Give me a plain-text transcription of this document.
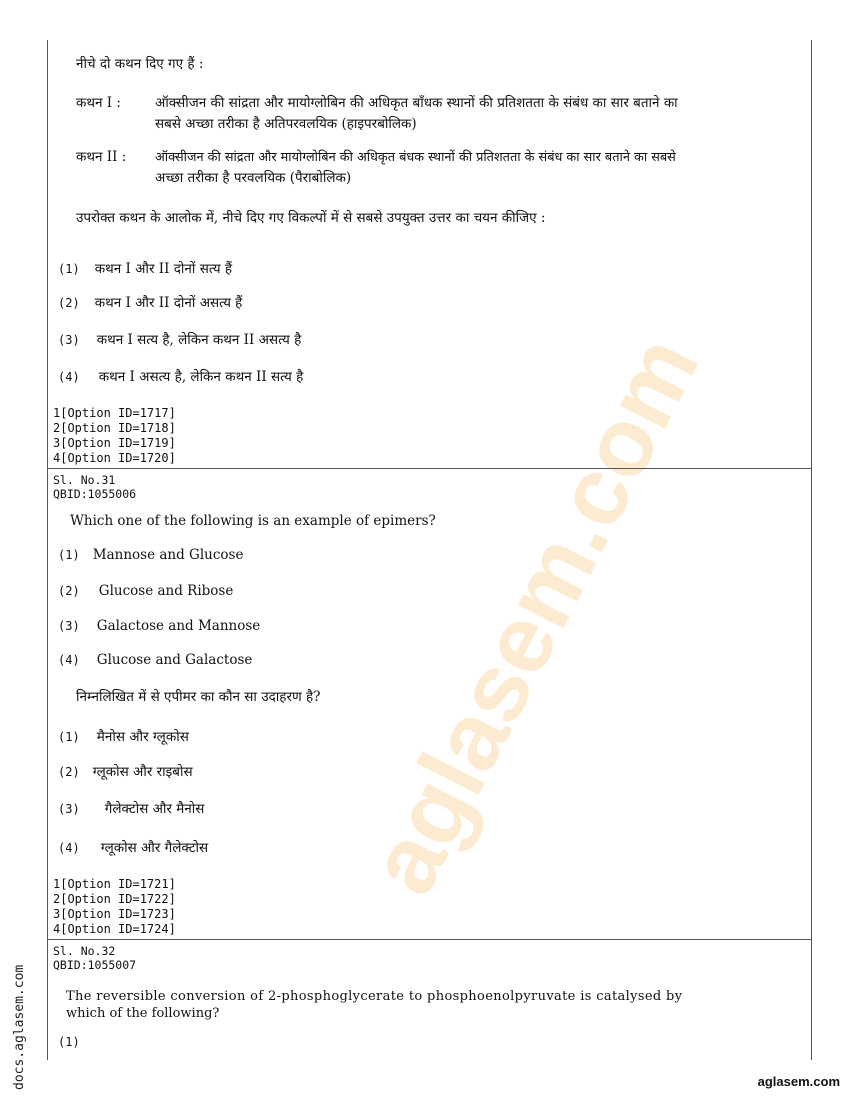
aglasem.com
नीचे दो कथन दिए गए हैं :
कथन I :	ऑक्सीजन की सांद्रता और मायोग्लोबिन की अधिकृत बाँधक स्थानों की प्रतिशतता के संबंध का सार बताने का
सबसे अच्छा तरीका है अतिपरवलयिक (हाइपरबोलिक)
कथन II : ऑक्सीजन की सांद्रता और मायोग्लोबिन की अधिकृत बंधक स्थानों की प्रतिशतता के संबंध का सार बताने का सबसे
अच्छा तरीका है परवलयिक (पैराबोलिक)
उपरोक्त कथन के आलोक में, नीचे दिए गए विकल्पों में से सबसे उपयुक्त उत्तर का चयन कीजिए :
(1) कथन I और II दोनों सत्य हैं
(2) कथन I और II दोनों असत्य हैं
(3) कथन I सत्य है, लेकिन कथन II असत्य है
(4) कथन I असत्य है, लेकिन कथन II सत्य है
1[Option ID=1717]
2[Option ID=1718]
3[Option ID=1719]
4[Option ID=1720]
Sl. No.31
QBID:1055006
Which one of the following is an example of epimers?
(1) Mannose and Glucose
(2) Glucose and Ribose
(3) Galactose and Mannose
(4) Glucose and Galactose
निम्नलिखित में से एपीमर का कौन सा उदाहरण है?
(1) मैनोस और ग्लूकोस
(2) ग्लूकोस और राइबोस
(3) गैलेक्टोस और मैनोस
(4) ग्लूकोस और गैलेक्टोस
1[Option ID=1721]
2[Option ID=1722]
3[Option ID=1723]
4[Option ID=1724]
Sl. No.32
QBID:1055007
The reversible conversion of 2-phosphoglycerate to phosphoenolpyruvate is catalysed by
which of the following?
(1)
docs.aglasem.com	aglasem.com
